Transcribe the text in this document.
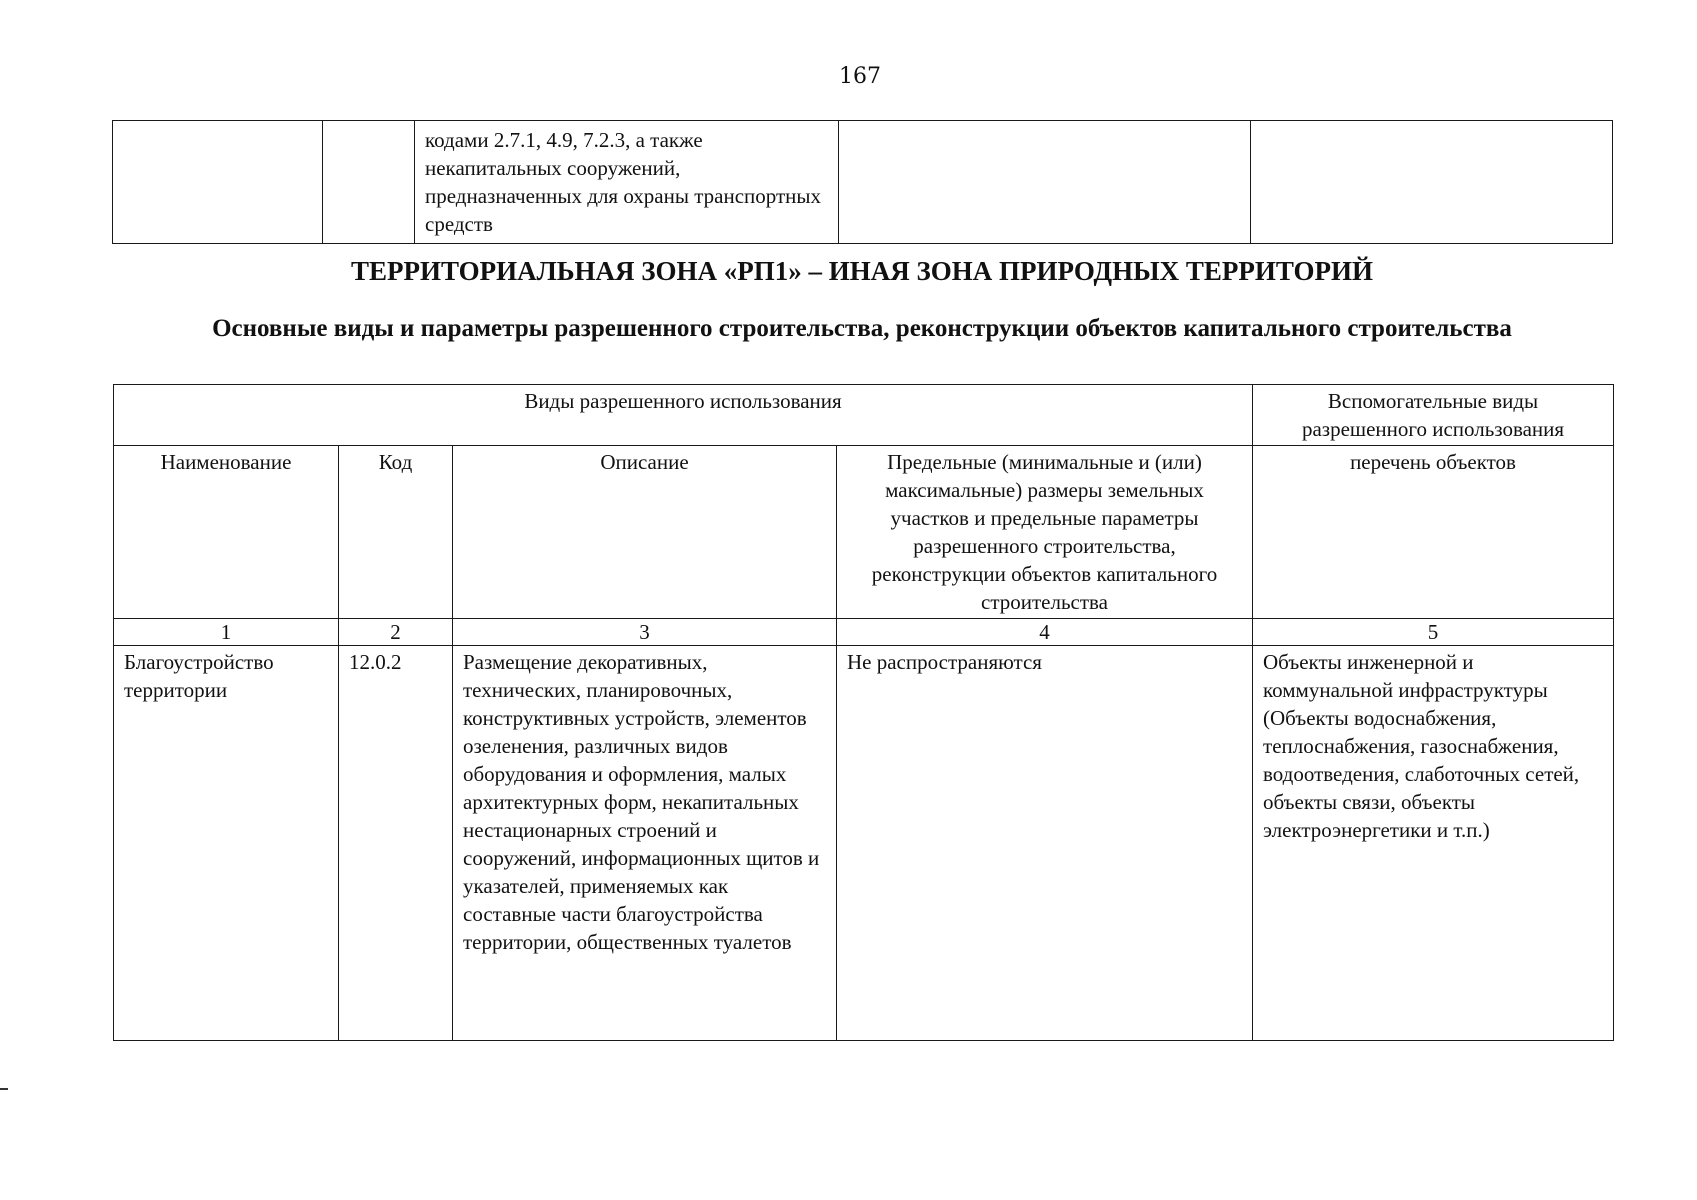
167
		кодами 2.7.1, 4.9, 7.2.3, а также некапитальных сооружений, предназначенных для охраны транспортных средств		
ТЕРРИТОРИАЛЬНАЯ ЗОНА «РП1» – ИНАЯ ЗОНА ПРИРОДНЫХ ТЕРРИТОРИЙ
Основные виды и параметры разрешенного строительства, реконструкции объектов капитального строительства
Виды разрешенного использования				Вспомогательные виды разрешенного использования
Наименование	Код	Описание	Предельные (минимальные и (или) максимальные) размеры земельных участков и предельные параметры разрешенного строительства, реконструкции объектов капитального строительства	перечень объектов
1	2	3	4	5
Благоустройство территории	12.0.2	Размещение декоративных, технических, планировочных, конструктивных устройств, элементов озеленения, различных видов оборудования и оформления, малых архитектурных форм, некапитальных нестационарных строений и сооружений, информационных щитов и указателей, применяемых как составные части благоустройства территории, общественных туалетов	Не распространяются	Объекты инженерной и коммунальной инфраструктуры (Объекты водоснабжения, теплоснабжения, газоснабжения, водоотведения, слаботочных сетей, объекты связи, объекты электроэнергетики и т.п.)
